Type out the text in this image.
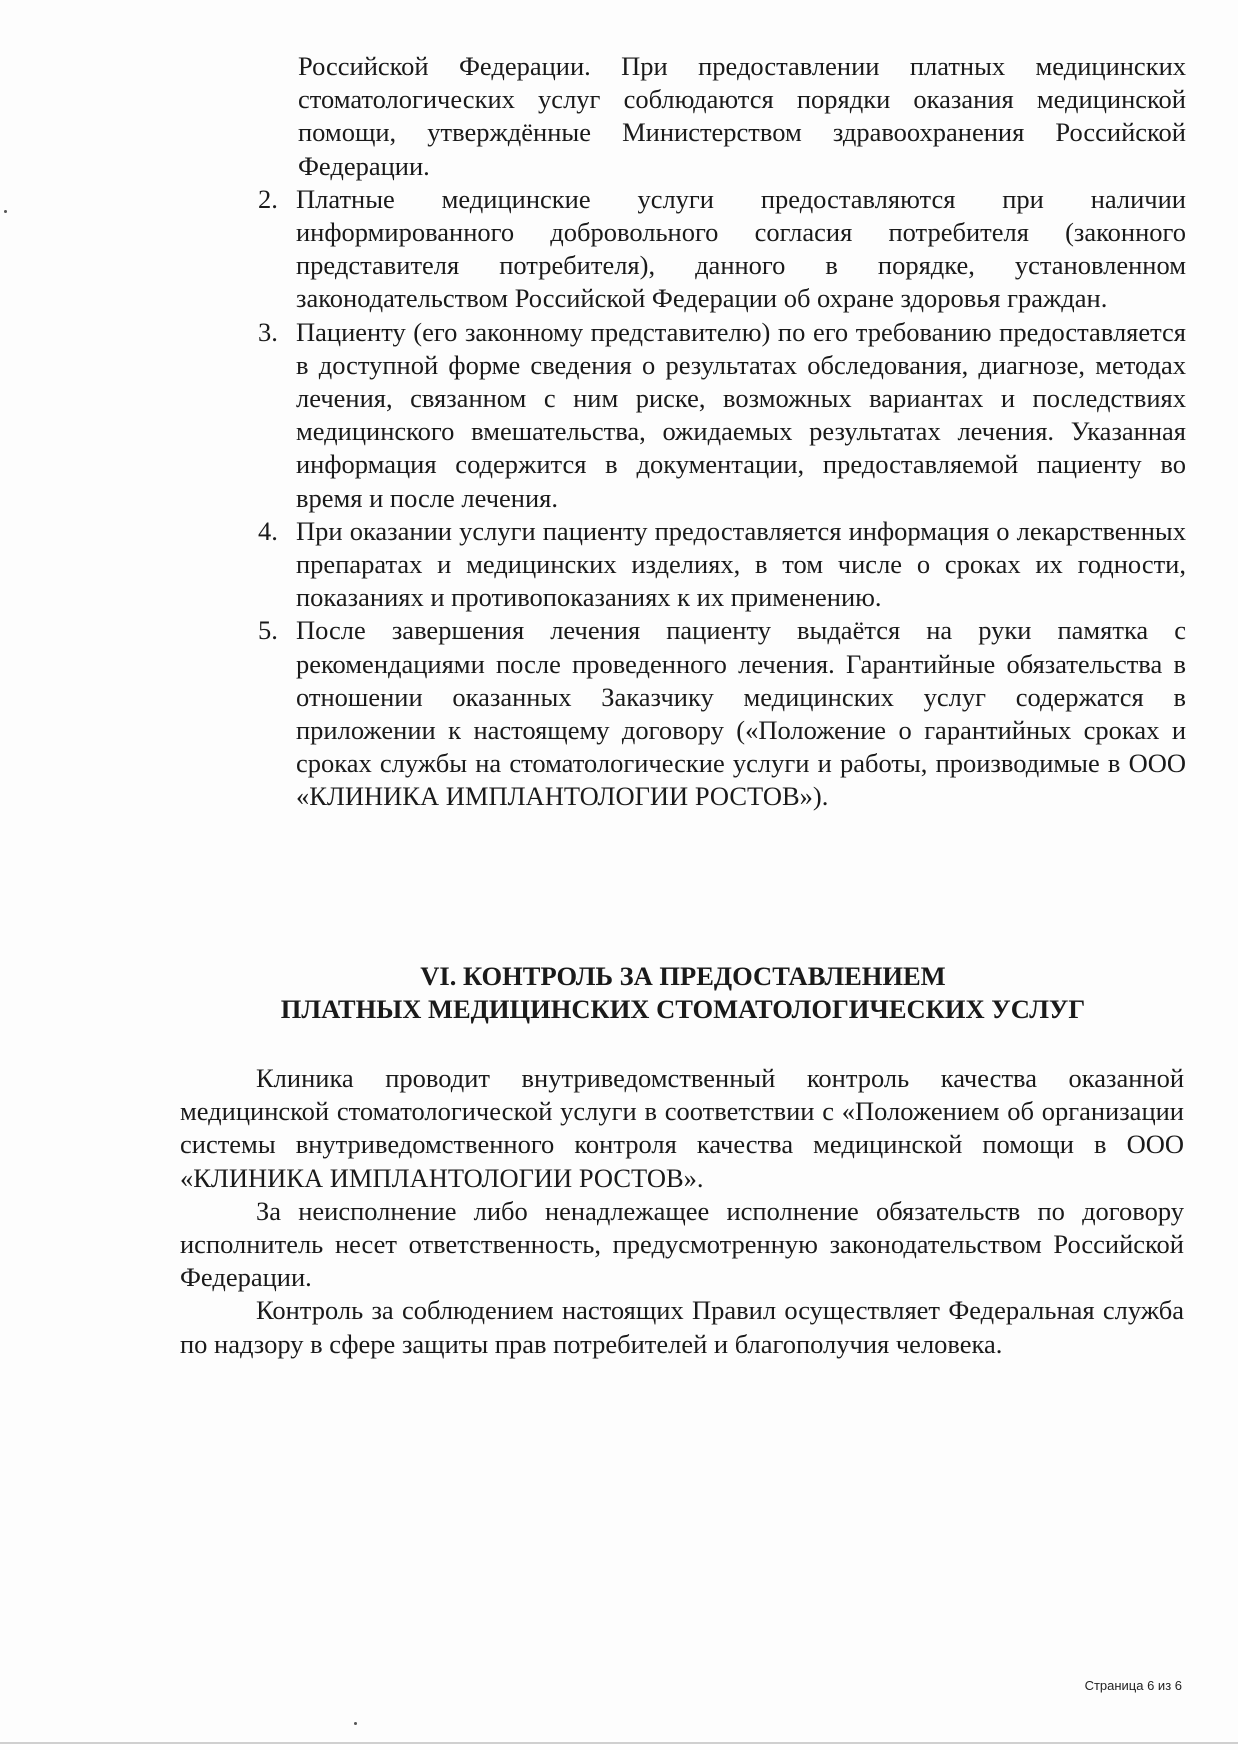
Российской Федерации. При предоставлении платных медицинских стоматологических услуг соблюдаются порядки оказания медицинской помощи, утверждённые Министерством здравоохранения Российской Федерации.
2. Платные медицинские услуги предоставляются при наличии информированного добровольного согласия потребителя (законного представителя потребителя), данного в порядке, установленном законодательством Российской Федерации об охране здоровья граждан.
3. Пациенту (его законному представителю) по его требованию предоставляется в доступной форме сведения о результатах обследования, диагнозе, методах лечения, связанном с ним риске, возможных вариантах и последствиях медицинского вмешательства, ожидаемых результатах лечения. Указанная информация содержится в документации, предоставляемой пациенту во время и после лечения.
4. При оказании услуги пациенту предоставляется информация о лекарственных препаратах и медицинских изделиях, в том числе о сроках их годности, показаниях и противопоказаниях к их применению.
5. После завершения лечения пациенту выдаётся на руки памятка с рекомендациями после проведенного лечения. Гарантийные обязательства в отношении оказанных Заказчику медицинских услуг содержатся в приложении к настоящему договору («Положение о гарантийных сроках и сроках службы на стоматологические услуги и работы, производимые в ООО «КЛИНИКА ИМПЛАНТОЛОГИИ РОСТОВ»).
VI. КОНТРОЛЬ ЗА ПРЕДОСТАВЛЕНИЕМ
ПЛАТНЫХ МЕДИЦИНСКИХ СТОМАТОЛОГИЧЕСКИХ УСЛУГ

Клиника проводит внутриведомственный контроль качества оказанной медицинской стоматологической услуги в соответствии с «Положением об организации системы внутриведомственного контроля качества медицинской помощи в ООО «КЛИНИКА ИМПЛАНТОЛОГИИ РОСТОВ».

За неисполнение либо ненадлежащее исполнение обязательств по договору исполнитель несет ответственность, предусмотренную законодательством Российской Федерации.

Контроль за соблюдением настоящих Правил осуществляет Федеральная служба по надзору в сфере защиты прав потребителей и благополучия человека.

Страница 6 из 6
